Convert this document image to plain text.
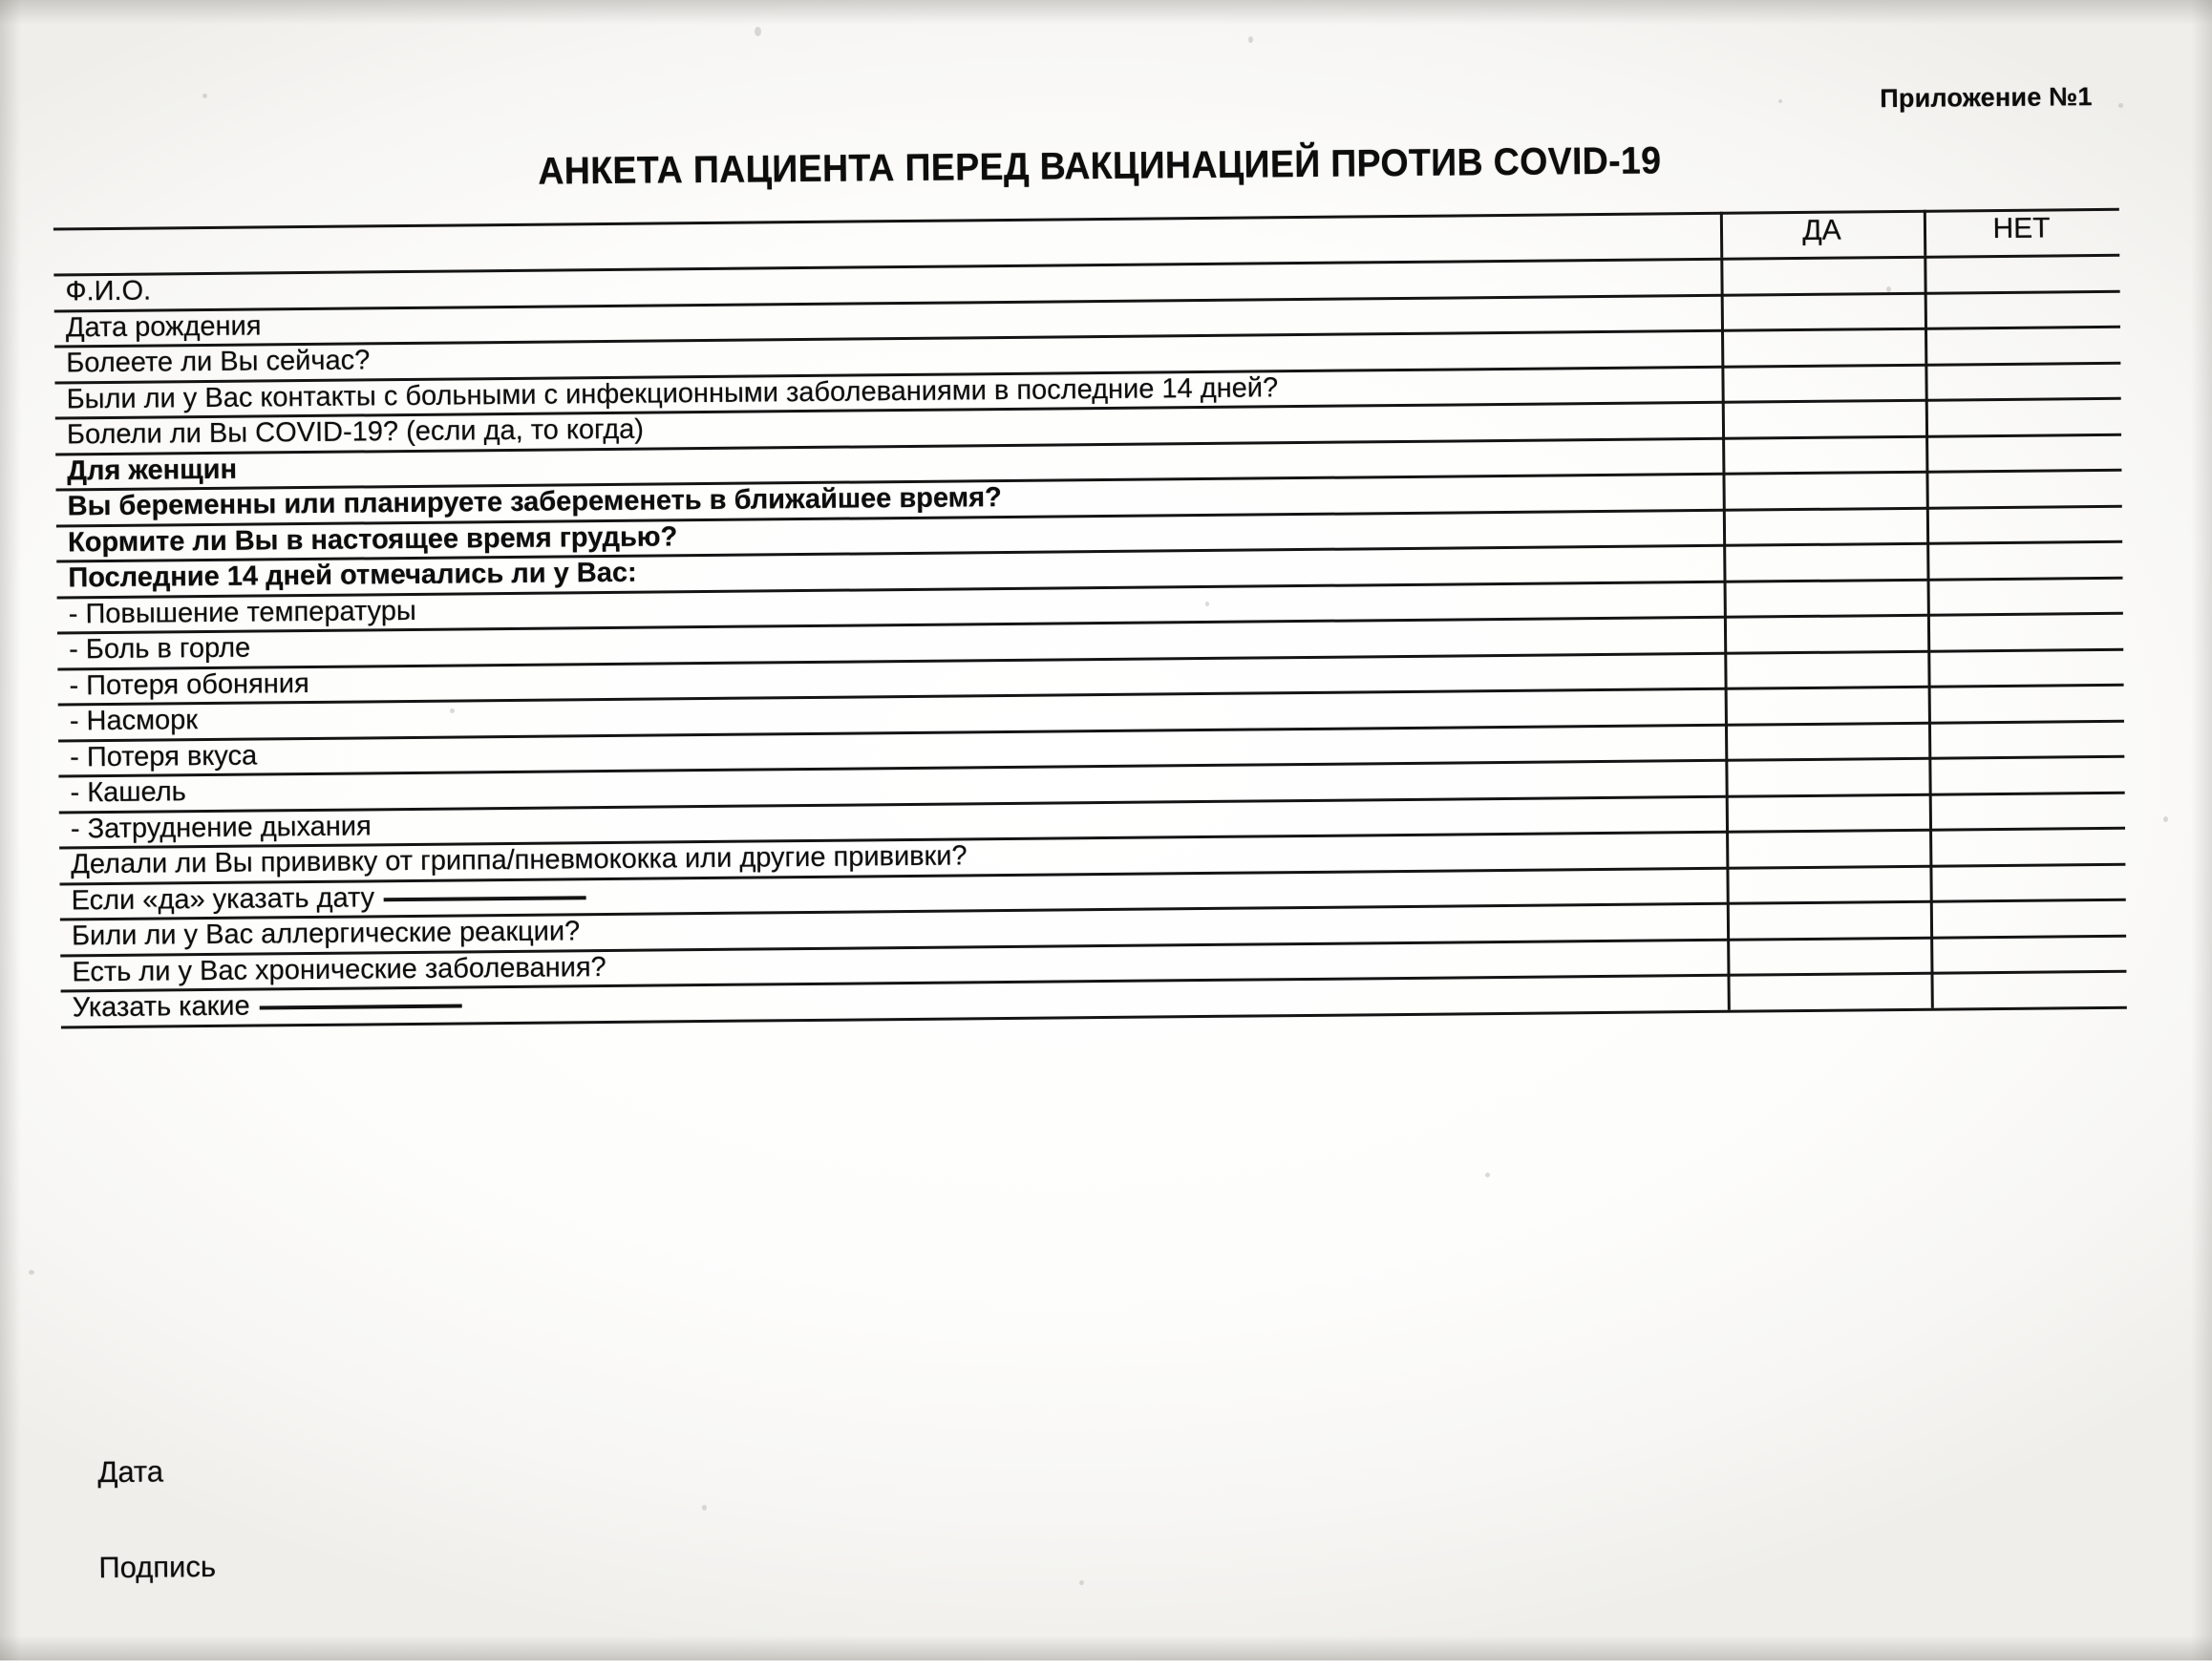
Приложение №1
АНКЕТА ПАЦИЕНТА ПЕРЕД ВАКЦИНАЦИЕЙ ПРОТИВ COVID-19
ДА	НЕТ
Ф.И.О.
Дата рождения
Болеете ли Вы сейчас?
Были ли у Вас контакты с больными с инфекционными заболеваниями в последние 14 дней?
Болели ли Вы COVID-19? (если да, то когда)
Для женщин
Вы беременны или планируете забеременеть в ближайшее время?
Кормите ли Вы в настоящее время грудью?
Последние 14 дней отмечались ли у Вас:
- Повышение температуры
- Боль в горле
- Потеря обоняния
- Насморк
- Потеря вкуса
- Кашель
- Затруднение дыхания
Делали ли Вы прививку от гриппа/пневмококка или другие прививки?
Если «да» указать дату
Били ли у Вас аллергические реакции?
Есть ли у Вас хронические заболевания?
Указать какие
Дата
Подпись
